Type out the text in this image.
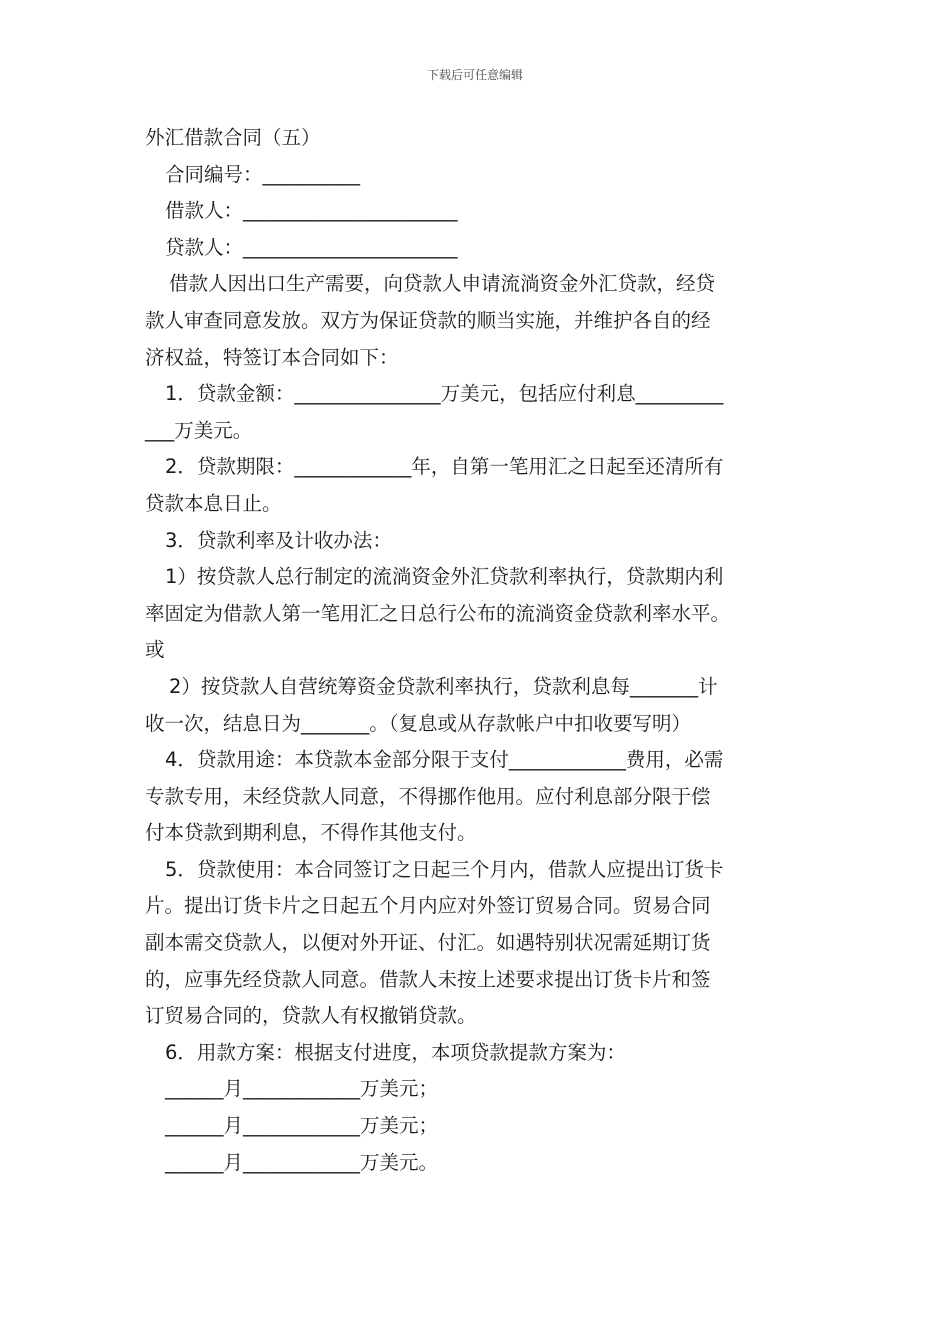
下载后可任意编辑
外汇借款合同（五）
合同编号：__________
借款人：______________________
贷款人：______________________
借款人因出口生产需要，向贷款人申请流淌资金外汇贷款，经贷
款人审查同意发放。双方为保证贷款的顺当实施，并维护各自的经
济权益，特签订本合同如下：
1．贷款金额：_______________万美元，包括应付利息_________
___万美元。
2．贷款期限：____________年，自第一笔用汇之日起至还清所有
贷款本息日止。
3．贷款利率及计收办法：
1）按贷款人总行制定的流淌资金外汇贷款利率执行，贷款期内利
率固定为借款人第一笔用汇之日总行公布的流淌资金贷款利率水平。
或
2）按贷款人自营统筹资金贷款利率执行，贷款利息每_______计
收一次，结息日为_______。（复息或从存款帐户中扣收要写明）
4．贷款用途：本贷款本金部分限于支付____________费用，必需
专款专用，未经贷款人同意，不得挪作他用。应付利息部分限于偿
付本贷款到期利息，不得作其他支付。
5．贷款使用：本合同签订之日起三个月内，借款人应提出订货卡
片。提出订货卡片之日起五个月内应对外签订贸易合同。贸易合同
副本需交贷款人，以便对外开证、付汇。如遇特别状况需延期订货
的，应事先经贷款人同意。借款人未按上述要求提出订货卡片和签
订贸易合同的，贷款人有权撤销贷款。
6．用款方案：根据支付进度，本项贷款提款方案为：
______月____________万美元；
______月____________万美元；
______月____________万美元。
